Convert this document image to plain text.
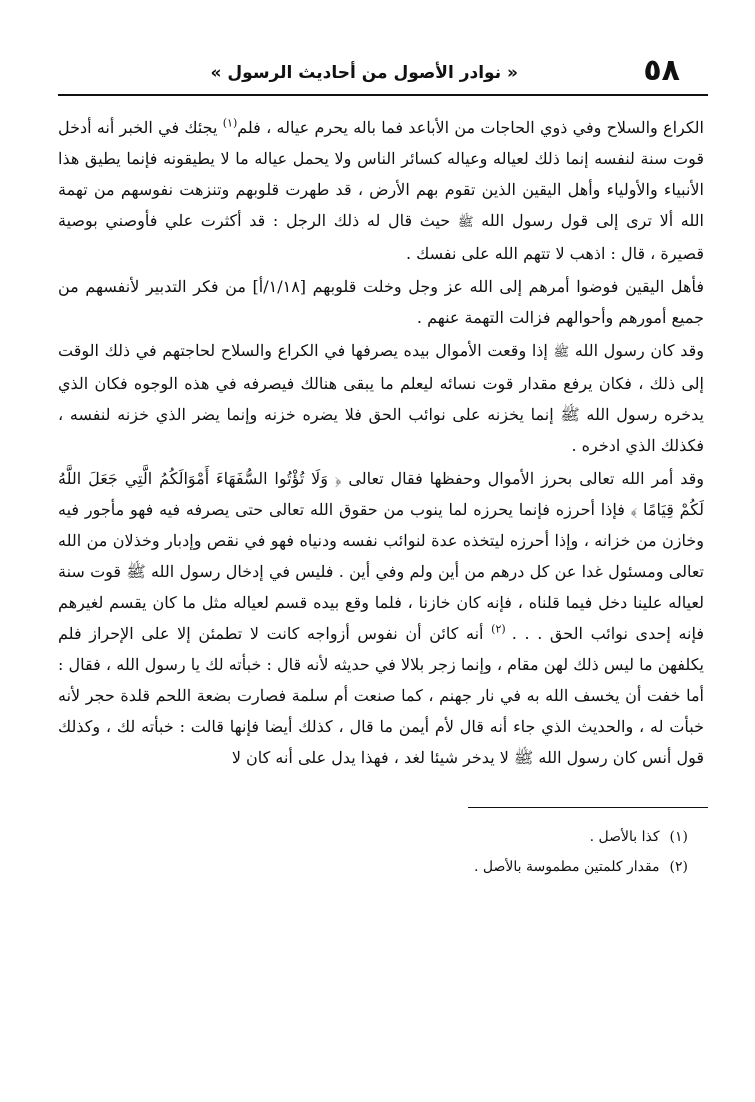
٥٨
« نوادر الأصول من أحاديث الرسول »

الكراع والسلاح وفي ذوي الحاجات من الأباعد فما باله يحرم عياله ، فلم$^{(١)}$ يجئك في الخبر أنه أدخل قوت سنة لنفسه إنما ذلك لعياله وعياله كسائر الناس ولا يحمل عياله ما لا يطيقونه فإنما يطيق هذا الأنبياء والأولياء وأهل اليقين الذين تقوم بهم الأرض ، قد طهرت قلوبهم وتنزهت نفوسهم من تهمة الله ألا ترى إلى قول رسول الله ﷺ حيث قال له ذلك الرجل : قد أكثرت علي فأوصني بوصية قصيرة ، قال : اذهب لا تتهم الله على نفسك .

فأهل اليقين فوضوا أمرهم إلى الله عز وجل وخلت قلوبهم [١/١٨/أ] من فكر التدبير لأنفسهم من جميع أمورهم وأحوالهم فزالت التهمة عنهم .

وقد كان رسول الله ﷺ إذا وقعت الأموال بيده يصرفها في الكراع والسلاح لحاجتهم في ذلك الوقت إلى ذلك ، فكان يرفع مقدار قوت نسائه ليعلم ما يبقى هنالك فيصرفه في هذه الوجوه فكان الذي يدخره رسول الله ﷺ إنما يخزنه على نوائب الحق فلا يضره خزنه وإنما يضر الذي خزنه لنفسه ، فكذلك الذي ادخره .

وقد أمر الله تعالى بحرز الأموال وحفظها فقال تعالى ﴿ وَلَا تُؤْتُوا السُّفَهَاءَ أَمْوَالَكُمُ الَّتِي جَعَلَ اللَّهُ لَكُمْ قِيَامًا ﴾ فإذا أحرزه فإنما يحرزه لما ينوب من حقوق الله تعالى حتى يصرفه فيه فهو مأجور فيه وخازن من خزانه ، وإذا أحرزه ليتخذه عدة لنوائب نفسه ودنياه فهو في نقص وإدبار وخذلان من الله تعالى ومسئول غدا عن كل درهم من أين ولم وفي أين . فليس في إدخال رسول الله ﷺ قوت سنة لعياله علينا دخل فيما قلناه ، فإنه كان خازنا ، فلما وقع بيده قسم لعياله مثل ما كان يقسم لغيرهم فإنه إحدى نوائب الحق . . . $^{(٢)}$ أنه كائن أن نفوس أزواجه كانت لا تطمئن إلا على الإحراز فلم يكلفهن ما ليس ذلك لهن مقام ، وإنما زجر بلالا في حديثه لأنه قال : خبأته لك يا رسول الله ، فقال : أما خفت أن يخسف الله به في نار جهنم ، كما صنعت أم سلمة فصارت بضعة اللحم قلدة حجر لأنه خبأت له ، والحديث الذي جاء أنه قال لأم أيمن ما قال ، كذلك أيضا فإنها قالت : خبأته لك ، وكذلك قول أنس كان رسول الله ﷺ لا يدخر شيئا لغد ، فهذا يدل على أنه كان لا

(١)
كذا بالأصل .
(٢)
مقدار كلمتين مطموسة بالأصل .
